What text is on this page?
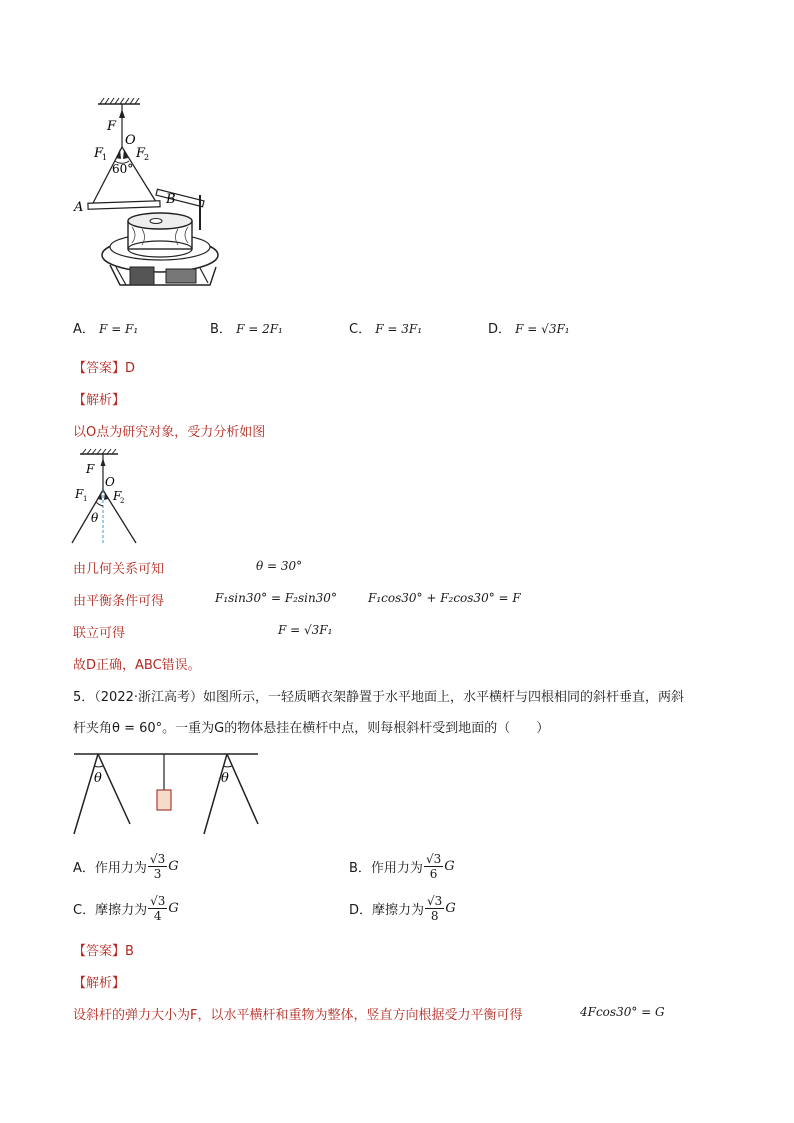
F
O
F
1 F
2
60°
A
B
A． F = F₁	B． F = 2F₁	C． F = 3F₁	D． F = √3F₁
【答案】D
【解析】
以O点为研究对象，受力分析如图
F
O
F 1 F
2
θ
由几何关系可知	θ = 30°
由平衡条件可得	F₁sin30° = F₂sin30°	F₁cos30° + F₂cos30° = F
联立可得	F = √3F₁
故D正确，ABC错误。
5．（2022·浙江高考）如图所示，一轻质晒衣架静置于水平地面上，水平横杆与四根相同的斜杆垂直，两斜
杆夹角θ = 60°。一重为G的物体悬挂在横杆中点，则每根斜杆受到地面的（　　）
θ	θ
A． 作用力为 $\frac{√3}{3}$ G	B． 作用力为 $\frac{√3}{6}$ G
C． 摩擦力为 $\frac{√3}{4}$ G	D． 摩擦力为 $\frac{√3}{8}$ G
【答案】B
【解析】
设斜杆的弹力大小为F，以水平横杆和重物为整体，竖直方向根据受力平衡可得	4Fcos30° = G
